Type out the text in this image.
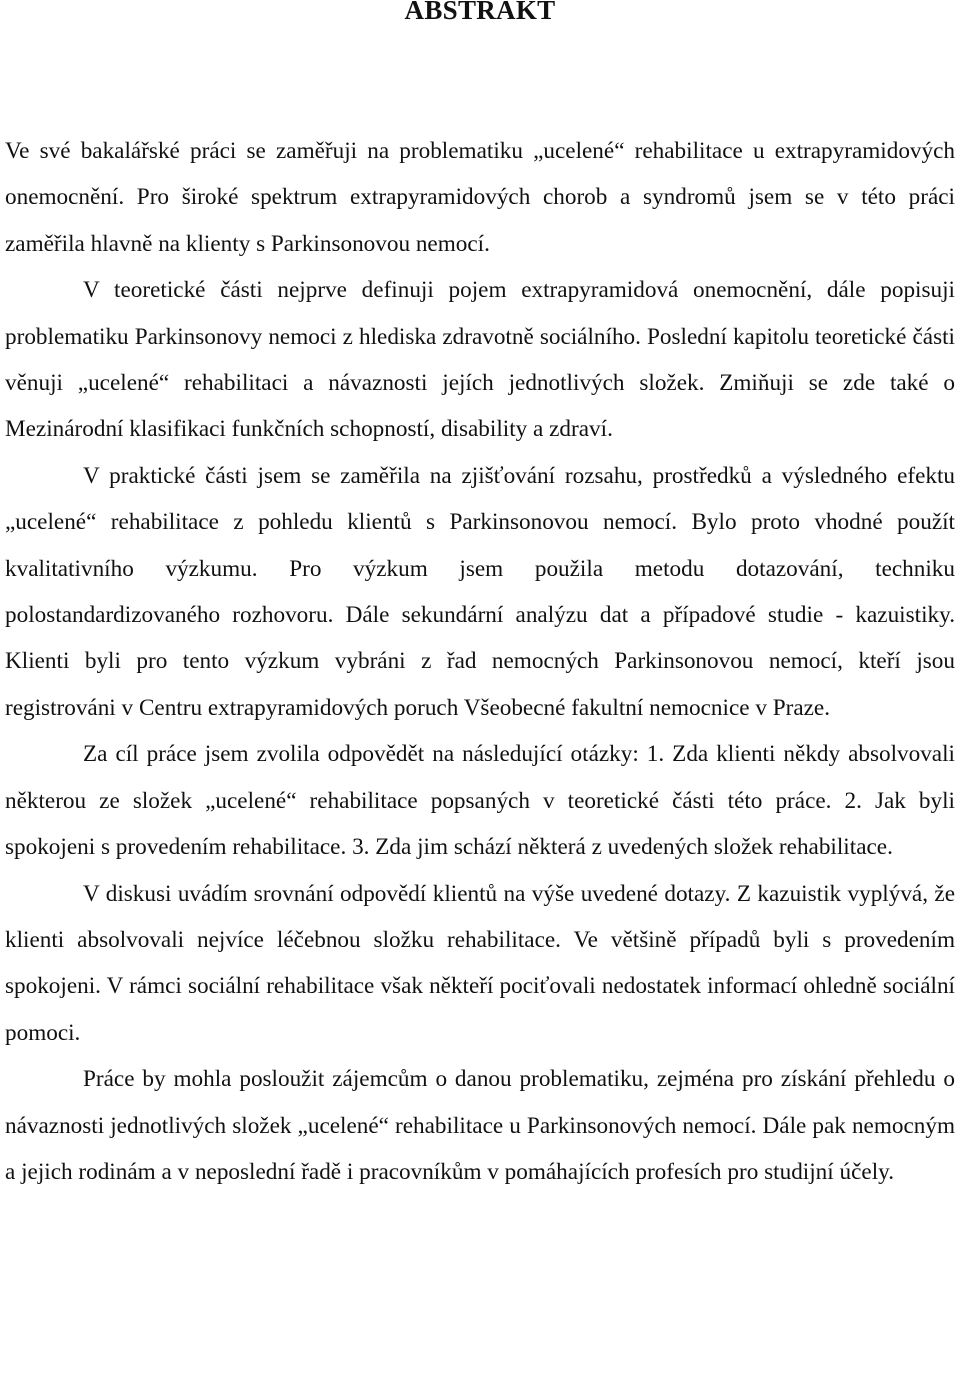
ABSTRAKT

Ve své bakalářské práci se zaměřuji na problematiku „ucelené“ rehabilitace u extrapyramidových onemocnění. Pro široké spektrum extrapyramidových chorob a syndromů jsem se v této práci zaměřila hlavně na klienty s Parkinsonovou nemocí.

V teoretické části nejprve definuji pojem extrapyramidová onemocnění, dále popisuji problematiku Parkinsonovy nemoci z hlediska zdravotně sociálního. Poslední kapitolu teoretické části věnuji „ucelené“ rehabilitaci a návaznosti jejích jednotlivých složek. Zmiňuji se zde také o Mezinárodní klasifikaci funkčních schopností, disability a zdraví.

V praktické části jsem se zaměřila na zjišťování rozsahu, prostředků a výsledného efektu „ucelené“ rehabilitace z pohledu klientů s Parkinsonovou nemocí. Bylo proto vhodné použít kvalitativního výzkumu. Pro výzkum jsem použila metodu dotazování, techniku polostandardizovaného rozhovoru. Dále sekundární analýzu dat a případové studie - kazuistiky. Klienti byli pro tento výzkum vybráni z řad nemocných Parkinsonovou nemocí, kteří jsou registrováni v Centru extrapyramidových poruch Všeobecné fakultní nemocnice v Praze.

Za cíl práce jsem zvolila odpovědět na následující otázky: 1. Zda klienti někdy absolvovali některou ze složek „ucelené“ rehabilitace popsaných v teoretické části této práce. 2. Jak byli spokojeni s provedením rehabilitace. 3. Zda jim schází některá z uvedených složek rehabilitace.

V diskusi uvádím srovnání odpovědí klientů na výše uvedené dotazy. Z kazuistik vyplývá, že klienti absolvovali nejvíce léčebnou složku rehabilitace. Ve většině případů byli s provedením spokojeni. V rámci sociální rehabilitace však někteří pociťovali nedostatek informací ohledně sociální pomoci.

Práce by mohla posloužit zájemcům o danou problematiku, zejména pro získání přehledu o návaznosti jednotlivých složek „ucelené“ rehabilitace u Parkinsonových nemocí. Dále pak nemocným a jejich rodinám a v neposlední řadě i pracovníkům v pomáhajících profesích pro studijní účely.
